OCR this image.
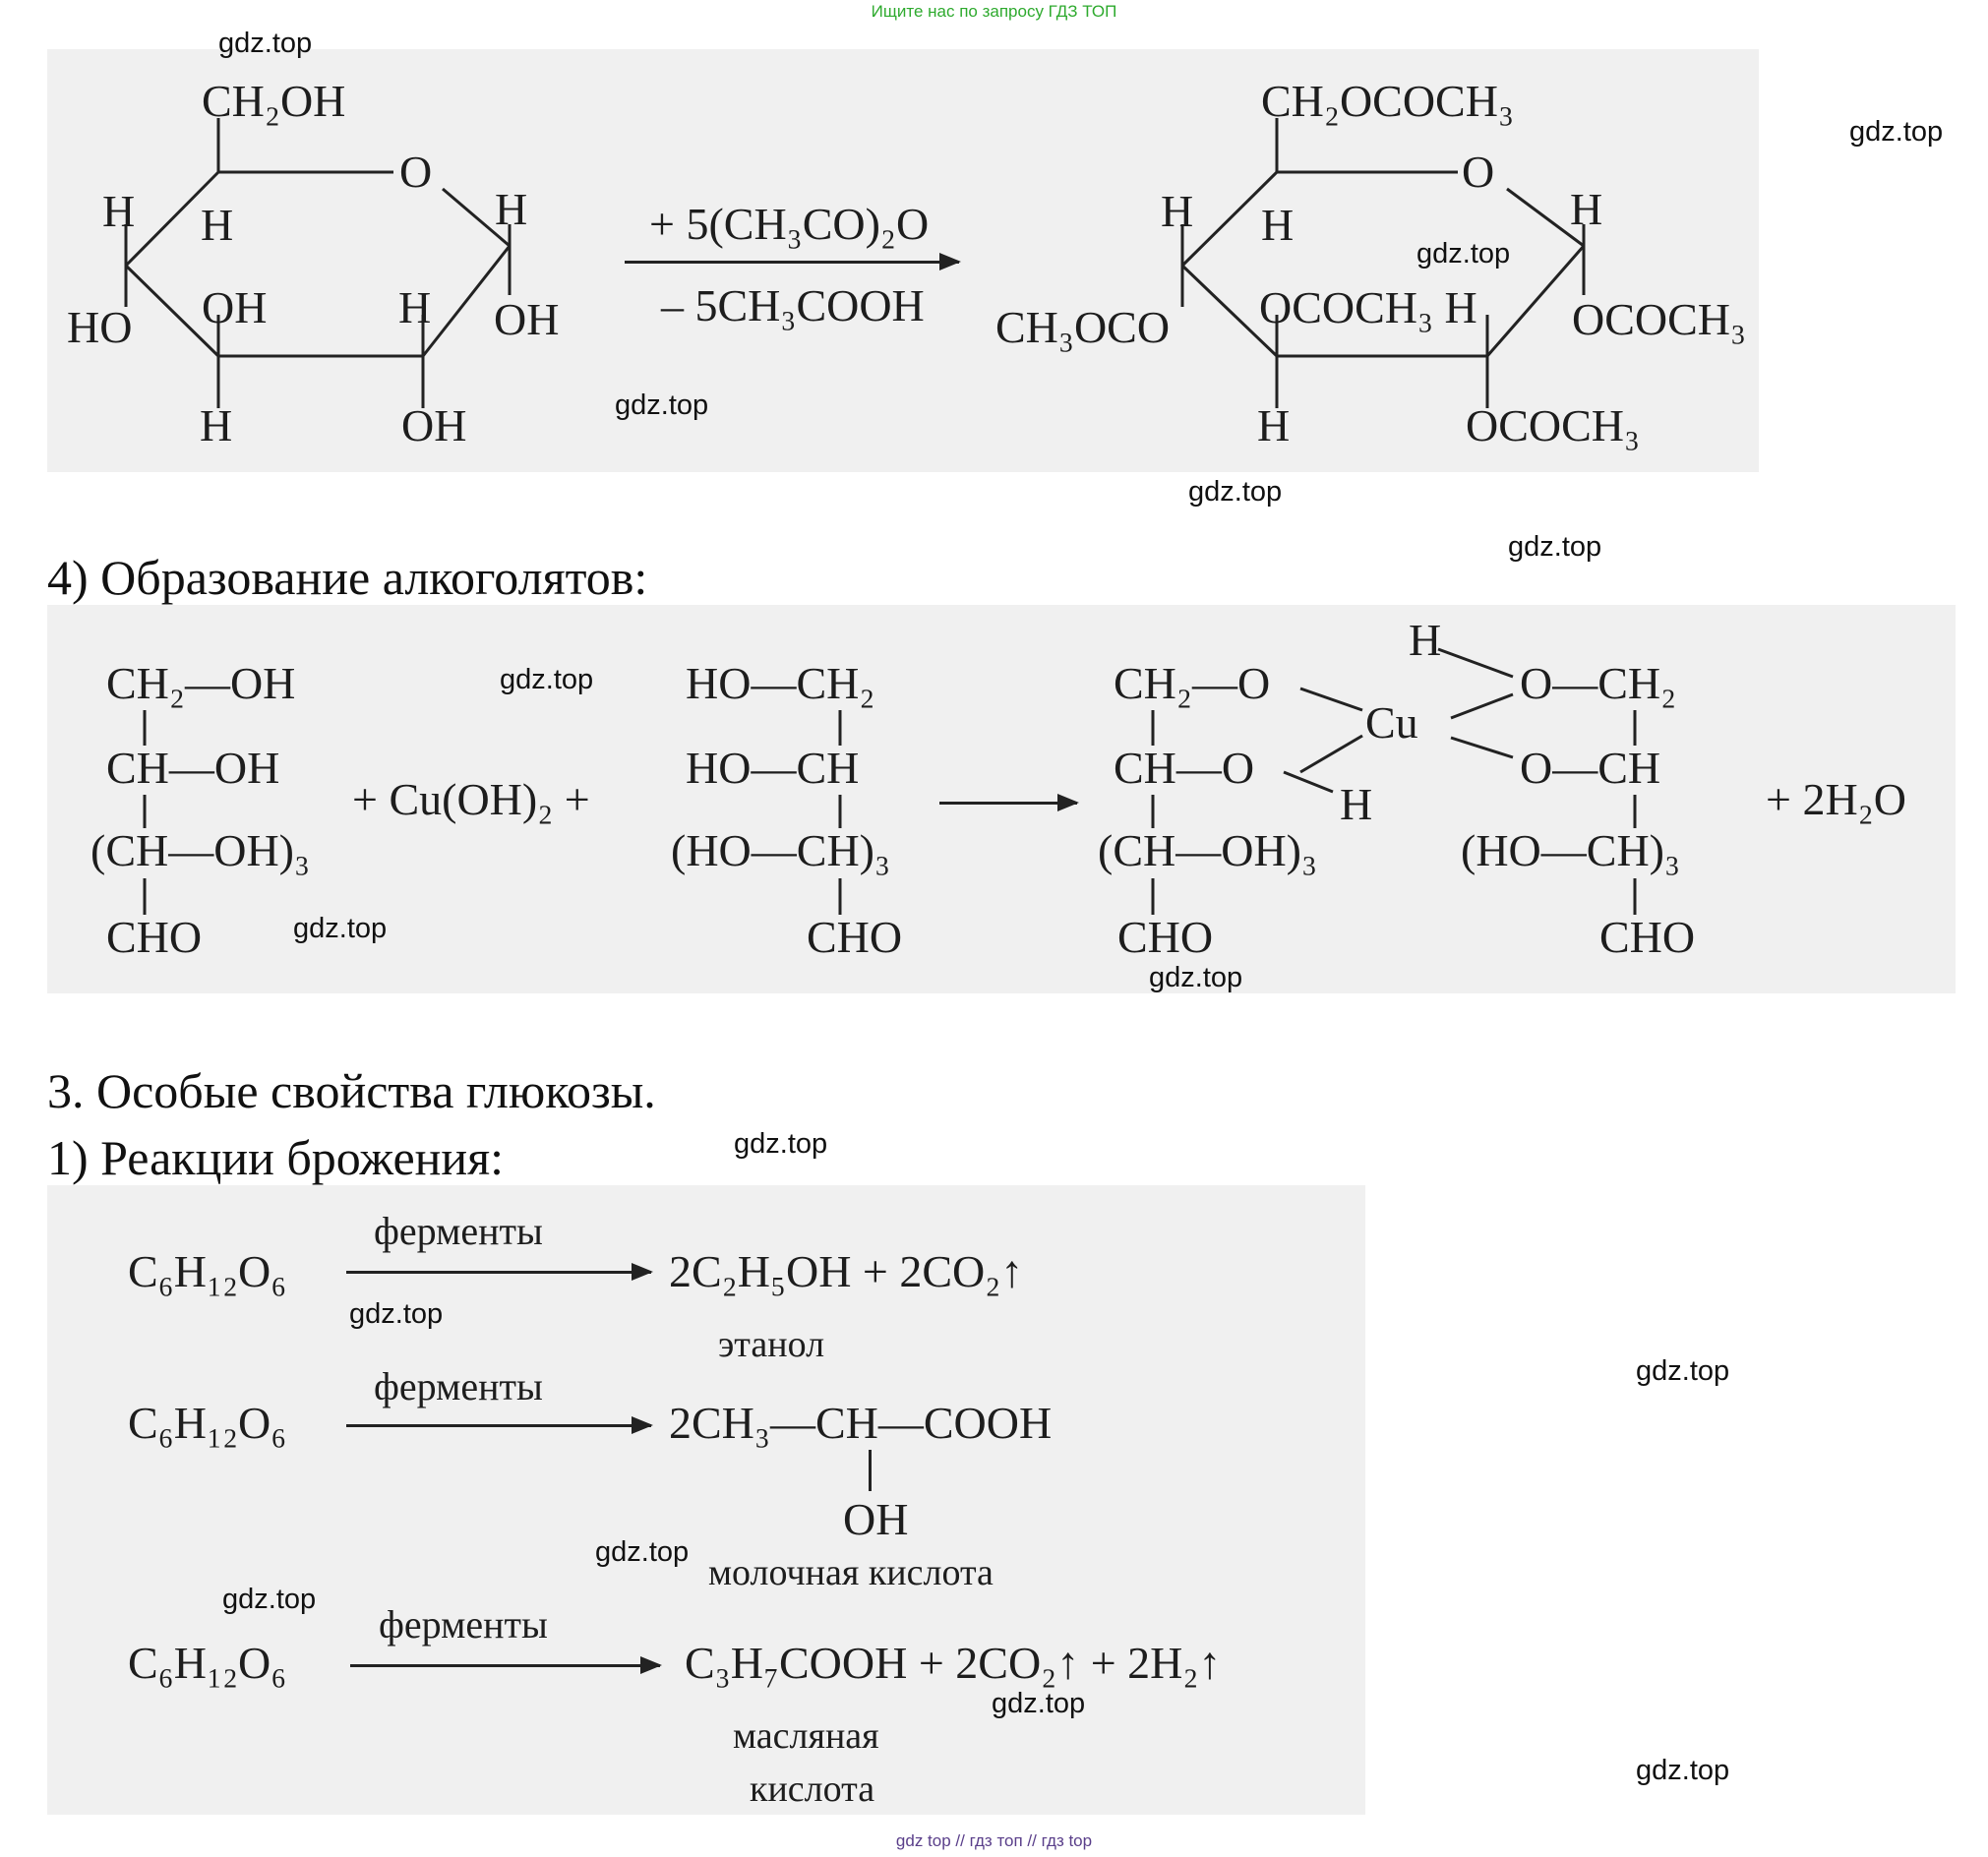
Ищите нас по запросу ГДЗ ТОП
CH₂OH
O
H H	H
HO OH	H OH
H	OH
+ 5(CH₃CO)₂O
– 5CH₃COOH
CH₂OCOCH₃
O
H H	H
CH₃OCO OCOCH₃ H OCOCH₃
H	OCOCH₃
4) Образование алкоголятов:
CH₂—OH
CH—OH
(CH—OH)₃
CHO
+ Cu(OH)₂ +
HO—CH₂
HO—CH
(HO—CH)₃
CHO
CH₂—O
CH—O
(CH—OH)₃
CHO
Cu
H
H
O—CH₂
O—CH
(HO—CH)₃
CHO
+ 2H₂O
3. Особые свойства глюкозы.
1) Реакции брожения:
C₆H₁₂O₆
ферменты
2C₂H₅OH + 2CO₂↑
этанол
C₆H₁₂O₆
ферменты
2CH₃—CH—COOH
OH
молочная кислота
C₆H₁₂O₆
ферменты
C₃H₇COOH + 2CO₂↑ + 2H₂↑
масляная
кислота
gdz.top
gdz.top
gdz.top
gdz.top
gdz.top
gdz.top
gdz.top
gdz.top
gdz.top
gdz.top
gdz.top
gdz.top
gdz.top
gdz.top
gdz.top
gdz.top
gdz top // гдз топ // гдз top
